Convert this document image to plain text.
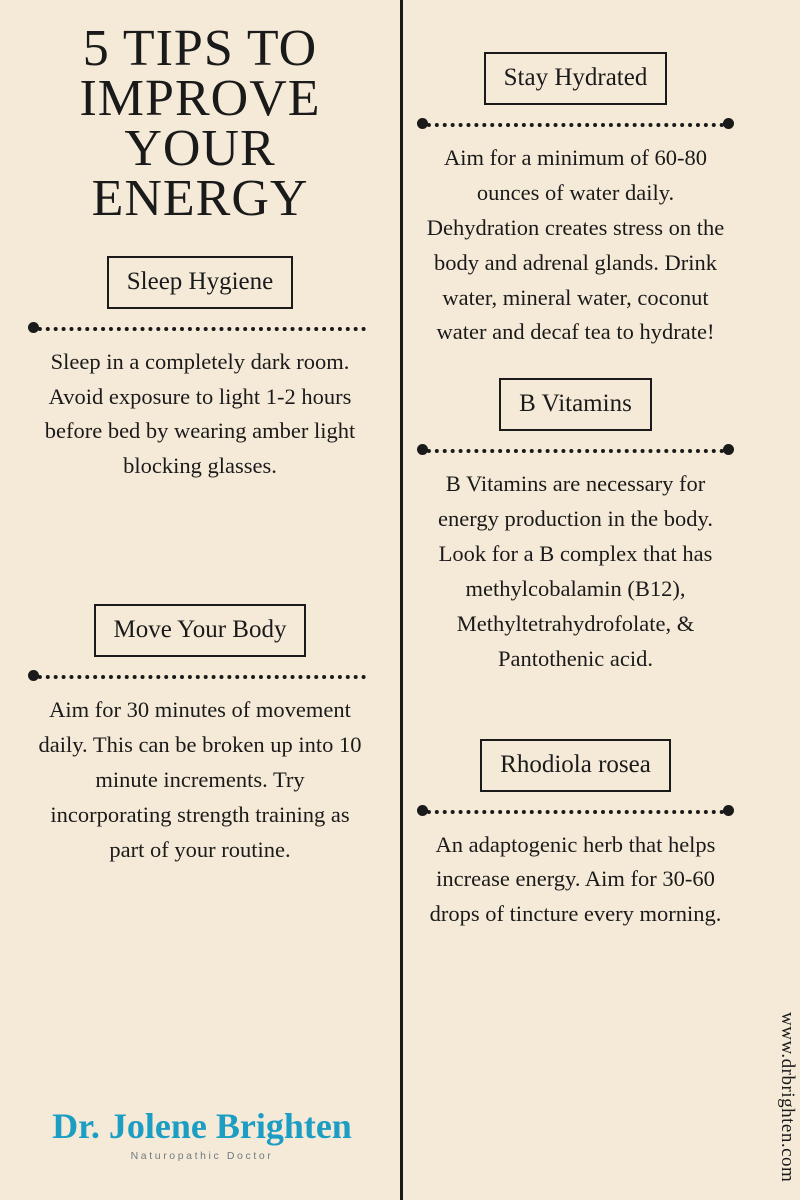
5 TIPS TO IMPROVE YOUR ENERGY
Sleep Hygiene
Sleep in a completely dark room. Avoid exposure to light 1-2 hours before bed by wearing amber light blocking glasses.
Move Your Body
Aim for 30 minutes of movement daily. This can be broken up into 10 minute increments. Try incorporating strength training as part of your routine.
Dr. Jolene Brighten
Naturopathic Doctor
Stay Hydrated
Aim for a minimum of 60-80 ounces of water daily. Dehydration creates stress on the body and adrenal glands. Drink water, mineral water, coconut water and decaf tea to hydrate!
B Vitamins
B Vitamins are necessary for energy production in the body. Look for a B complex that has methylcobalamin (B12), Methyltetrahydrofolate, & Pantothenic acid.
Rhodiola rosea
An adaptogenic herb that helps increase energy. Aim for 30-60 drops of tincture every morning.
www.drbrighten.com
